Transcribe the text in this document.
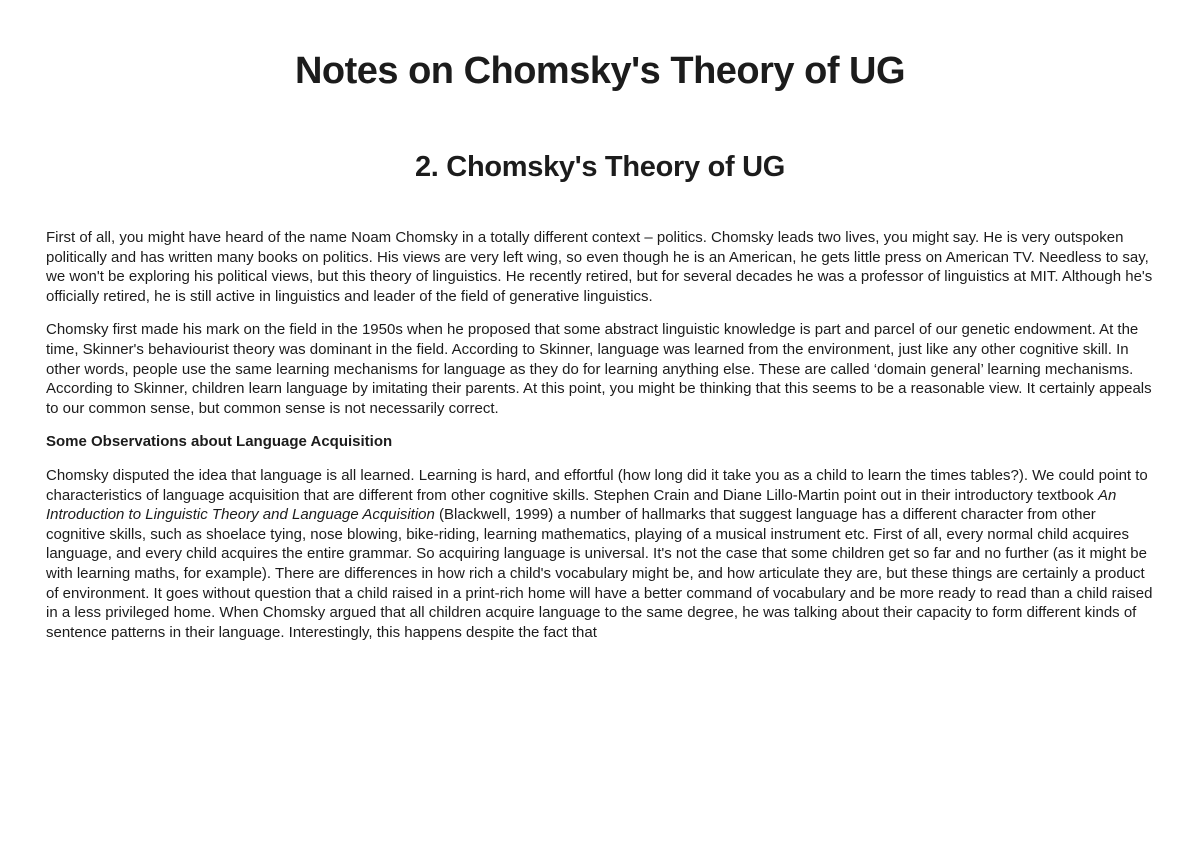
Notes on Chomsky's Theory of UG
2. Chomsky's Theory of UG

First of all, you might have heard of the name Noam Chomsky in a totally different context – politics. Chomsky leads two lives, you might say. He is very outspoken politically and has written many books on politics. His views are very left wing, so even though he is an American, he gets little press on American TV. Needless to say, we won't be exploring his political views, but this theory of linguistics. He recently retired, but for several decades he was a professor of linguistics at MIT. Although he's officially retired, he is still active in linguistics and leader of the field of generative linguistics.

Chomsky first made his mark on the field in the 1950s when he proposed that some abstract linguistic knowledge is part and parcel of our genetic endowment. At the time, Skinner's behaviourist theory was dominant in the field. According to Skinner, language was learned from the environment, just like any other cognitive skill. In other words, people use the same learning mechanisms for language as they do for learning anything else. These are called ‘domain general’ learning mechanisms. According to Skinner, children learn language by imitating their parents. At this point, you might be thinking that this seems to be a reasonable view. It certainly appeals to our common sense, but common sense is not necessarily correct.

Some Observations about Language Acquisition

Chomsky disputed the idea that language is all learned. Learning is hard, and effortful (how long did it take you as a child to learn the times tables?). We could point to characteristics of language acquisition that are different from other cognitive skills. Stephen Crain and Diane Lillo-Martin point out in their introductory textbook An Introduction to Linguistic Theory and Language Acquisition (Blackwell, 1999) a number of hallmarks that suggest language has a different character from other cognitive skills, such as shoelace tying, nose blowing, bike-riding, learning mathematics, playing of a musical instrument etc. First of all, every normal child acquires language, and every child acquires the entire grammar. So acquiring language is universal. It's not the case that some children get so far and no further (as it might be with learning maths, for example). There are differences in how rich a child's vocabulary might be, and how articulate they are, but these things are certainly a product of environment. It goes without question that a child raised in a print-rich home will have a better command of vocabulary and be more ready to read than a child raised in a less privileged home. When Chomsky argued that all children acquire language to the same degree, he was talking about their capacity to form different kinds of sentence patterns in their language. Interestingly, this happens despite the fact that
